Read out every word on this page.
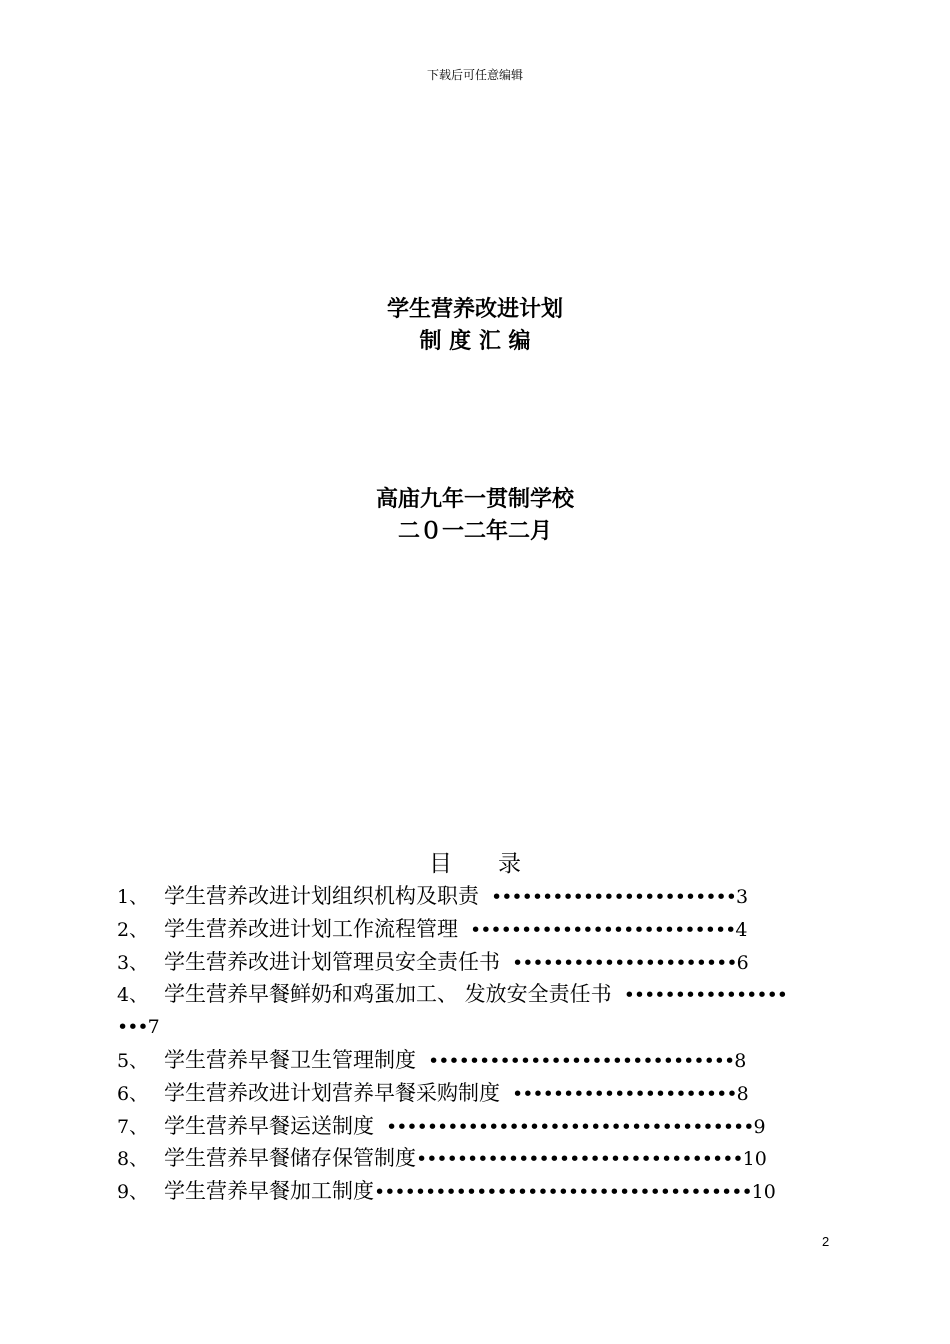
下载后可任意编辑
学生营养改进计划
制 度 汇 编
高庙九年一贯制学校
二０一二年二月
目　　录
1、 学生营养改进计划组织机构及职责 •••••••••••••••••••••••• 3
2、 学生营养改进计划工作流程管理 •••••••••••••••••••••••••• 4
3、 学生营养改进计划管理员安全责任书 •••••••••••••••••••••• 6
4、 学生营养早餐鲜奶和鸡蛋加工、 发放安全责任书 ••••••••••••••••
••• 7
5、 学生营养早餐卫生管理制度 •••••••••••••••••••••••••••••• 8
6、 学生营养改进计划营养早餐采购制度 •••••••••••••••••••••• 8
7、 学生营养早餐运送制度 •••••••••••••••••••••••••••••••••••• 9
8、 学生营养早餐储存保管制度 •••••••••••••••••••••••••••••••• 10
9、 学生营养早餐加工制度 ••••••••••••••••••••••••••••••••••••• 10
2
